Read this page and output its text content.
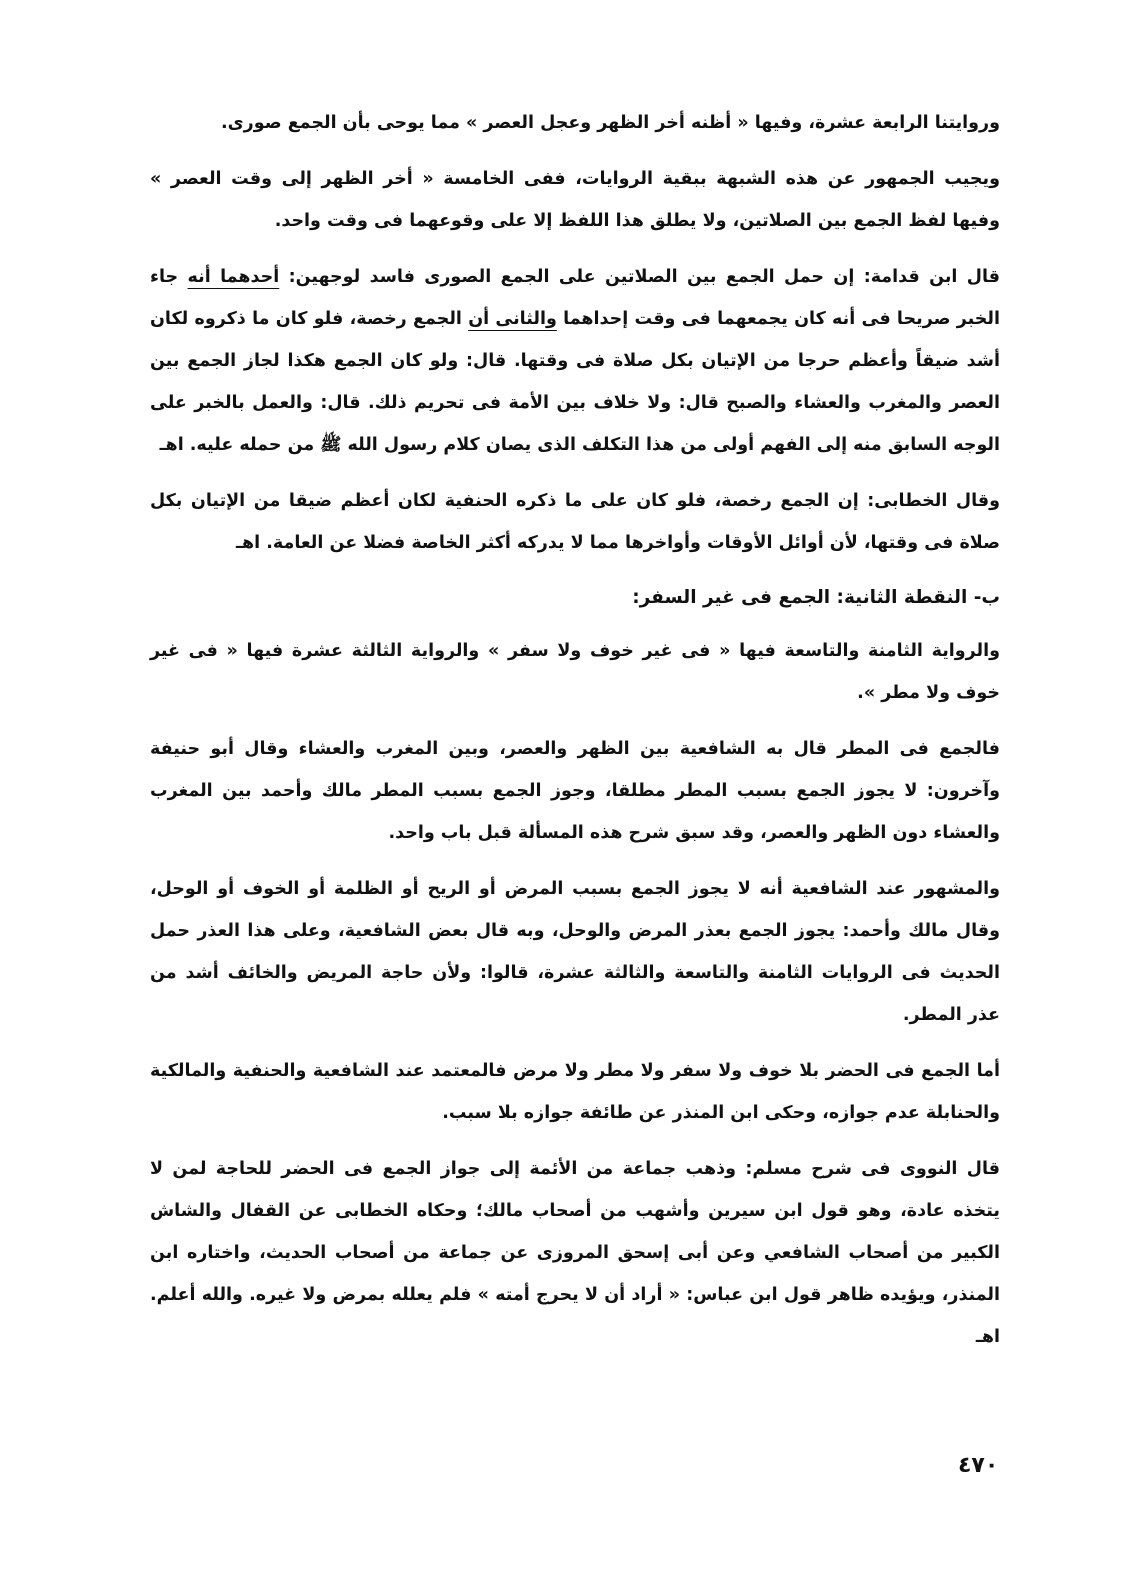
وروايتنا الرابعة عشرة، وفيها « أظنه أخر الظهر وعجل العصر » مما يوحى بأن الجمع صورى.

ويجيب الجمهور عن هذه الشبهة ببقية الروايات، ففى الخامسة « أخر الظهر إلى وقت العصر » وفيها لفظ الجمع بين الصلاتين، ولا يطلق هذا اللفظ إلا على وقوعهما فى وقت واحد.

قال ابن قدامة: إن حمل الجمع بين الصلاتين على الجمع الصورى فاسد لوجهين: أحدهما أنه جاء الخبر صريحا فى أنه كان يجمعهما فى وقت إحداهما والثانى أن الجمع رخصة، فلو كان ما ذكروه لكان أشد ضيقاً وأعظم حرجا من الإتيان بكل صلاة فى وقتها. قال: ولو كان الجمع هكذا لجاز الجمع بين العصر والمغرب والعشاء والصبح قال: ولا خلاف بين الأمة فى تحريم ذلك. قال: والعمل بالخبر على الوجه السابق منه إلى الفهم أولى من هذا التكلف الذى يصان كلام رسول الله ﷺ من حمله عليه. اهـ

وقال الخطابى: إن الجمع رخصة، فلو كان على ما ذكره الحنفية لكان أعظم ضيقا من الإتيان بكل صلاة فى وقتها، لأن أوائل الأوقات وأواخرها مما لا يدركه أكثر الخاصة فضلا عن العامة. اهـ

ب- النقطة الثانية: الجمع فى غير السفر:

والرواية الثامنة والتاسعة فيها « فى غير خوف ولا سفر » والرواية الثالثة عشرة فيها « فى غير خوف ولا مطر ».

فالجمع فى المطر قال به الشافعية بين الظهر والعصر، وبين المغرب والعشاء وقال أبو حنيفة وآخرون: لا يجوز الجمع بسبب المطر مطلقا، وجوز الجمع بسبب المطر مالك وأحمد بين المغرب والعشاء دون الظهر والعصر، وقد سبق شرح هذه المسألة قبل باب واحد.

والمشهور عند الشافعية أنه لا يجوز الجمع بسبب المرض أو الريح أو الظلمة أو الخوف أو الوحل، وقال مالك وأحمد: يجوز الجمع بعذر المرض والوحل، وبه قال بعض الشافعية، وعلى هذا العذر حمل الحديث فى الروايات الثامنة والتاسعة والثالثة عشرة، قالوا: ولأن حاجة المريض والخائف أشد من عذر المطر.

أما الجمع فى الحضر بلا خوف ولا سفر ولا مطر ولا مرض فالمعتمد عند الشافعية والحنفية والمالكية والحنابلة عدم جوازه، وحكى ابن المنذر عن طائفة جوازه بلا سبب.

قال النووى فى شرح مسلم: وذهب جماعة من الأئمة إلى جواز الجمع فى الحضر للحاجة لمن لا يتخذه عادة، وهو قول ابن سيرين وأشهب من أصحاب مالك؛ وحكاه الخطابى عن القفال والشاش الكبير من أصحاب الشافعي وعن أبى إسحق المروزى عن جماعة من أصحاب الحديث، واختاره ابن المنذر، ويؤيده ظاهر قول ابن عباس: « أراد أن لا يحرج أمته » فلم يعلله بمرض ولا غيره. والله أعلم. اهـ

٤٧٠
